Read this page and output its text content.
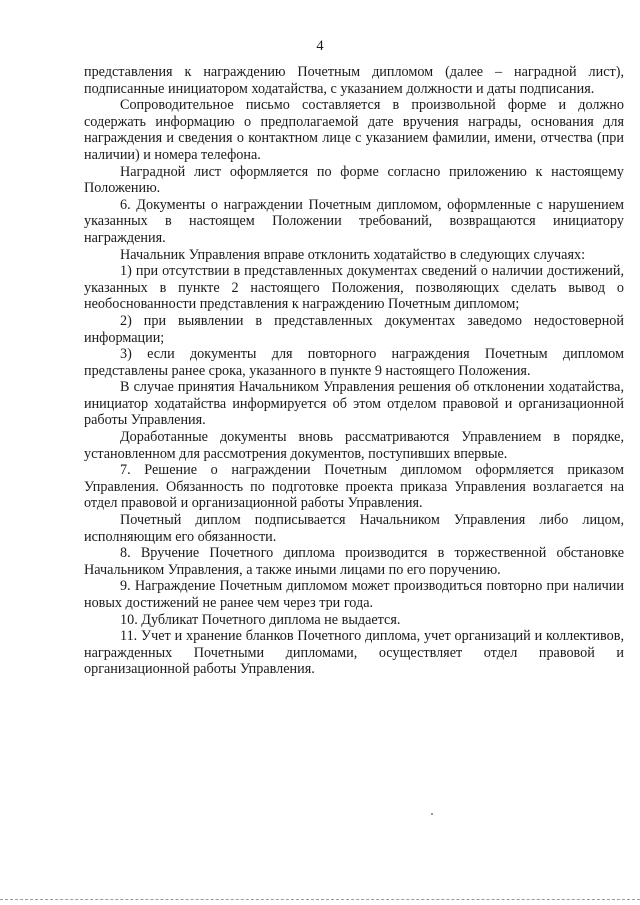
4

представления к награждению Почетным дипломом (далее – наградной лист), подписанные инициатором ходатайства, с указанием должности и даты подписания.

Сопроводительное письмо составляется в произвольной форме и должно содержать информацию о предполагаемой дате вручения награды, основания для награждения и сведения о контактном лице с указанием фамилии, имени, отчества (при наличии) и номера телефона.

Наградной лист оформляется по форме согласно приложению к настоящему Положению.

6. Документы о награждении Почетным дипломом, оформленные с нарушением указанных в настоящем Положении требований, возвращаются инициатору награждения.

Начальник Управления вправе отклонить ходатайство в следующих случаях:

1) при отсутствии в представленных документах сведений о наличии достижений, указанных в пункте 2 настоящего Положения, позволяющих сделать вывод о необоснованности представления к награждению Почетным дипломом;

2) при выявлении в представленных документах заведомо недостоверной информации;

3) если документы для повторного награждения Почетным дипломом представлены ранее срока, указанного в пункте 9 настоящего Положения.

В случае принятия Начальником Управления решения об отклонении ходатайства, инициатор ходатайства информируется об этом отделом правовой и организационной работы Управления.

Доработанные документы вновь рассматриваются Управлением в порядке, установленном для рассмотрения документов, поступивших впервые.

7. Решение о награждении Почетным дипломом оформляется приказом Управления. Обязанность по подготовке проекта приказа Управления возлагается на отдел правовой и организационной работы Управления.

Почетный диплом подписывается Начальником Управления либо лицом, исполняющим его обязанности.

8. Вручение Почетного диплома производится в торжественной обстановке Начальником Управления, а также иными лицами по его поручению.

9. Награждение Почетным дипломом может производиться повторно при наличии новых достижений не ранее чем через три года.

10. Дубликат Почетного диплома не выдается.

11. Учет и хранение бланков Почетного диплома, учет организаций и коллективов, награжденных Почетными дипломами, осуществляет отдел правовой и организационной работы Управления.
